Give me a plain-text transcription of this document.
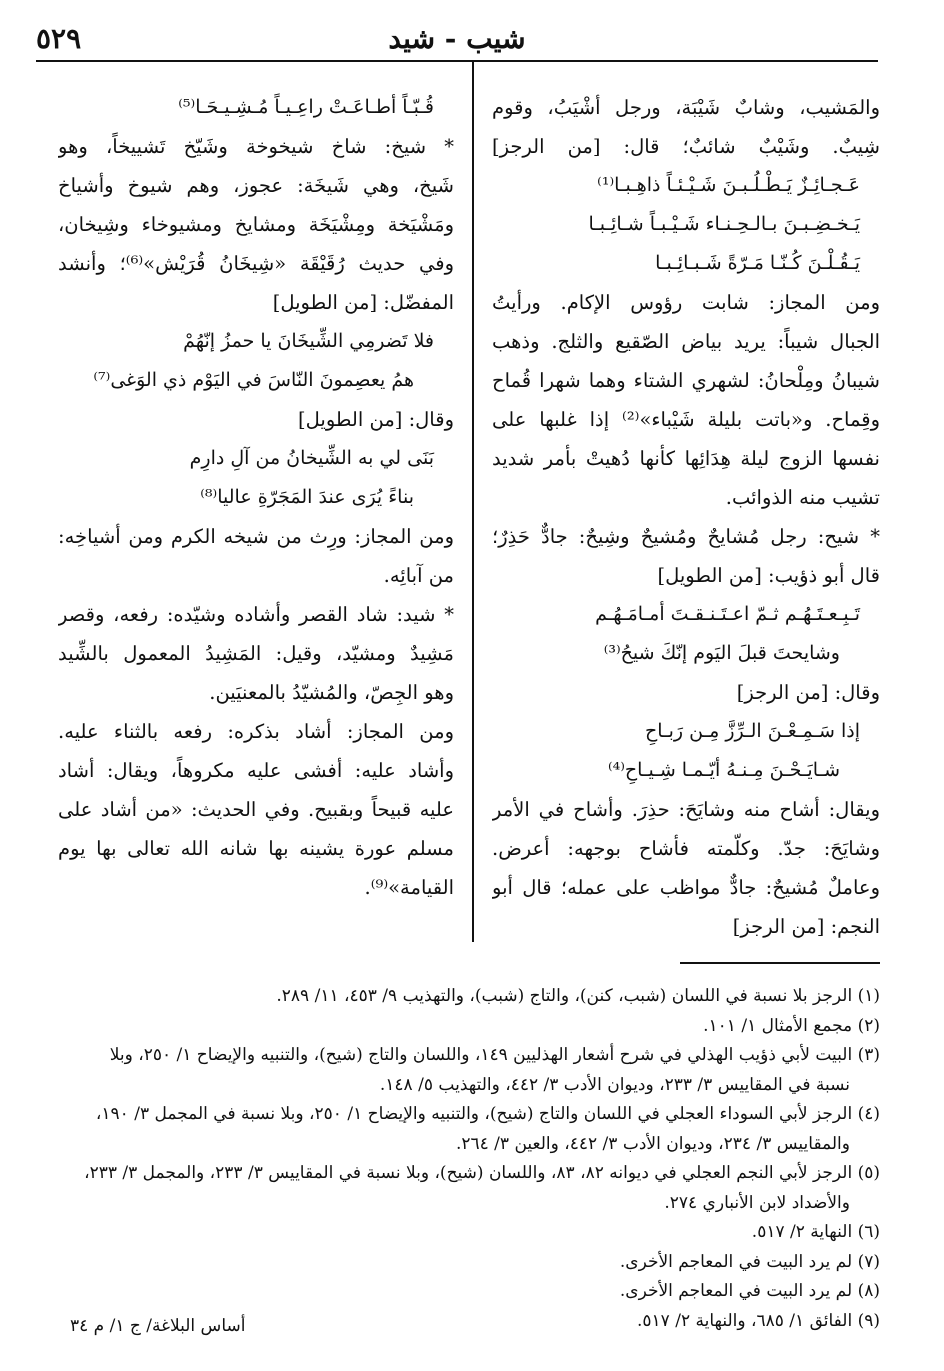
٥٢٩	شيب - شيد
والمَشيب، وشابٌ شَيْبَة، ورجل أشْيَبُ، وقوم
شِيبٌ. وشَيْبٌ شائبٌ؛ قال: [من الرجز]
عَـجـائِـزٌ يَـطْـلُـبـنَ شَـيْـئـاً ذاهِـبـا⁽¹⁾
يَـخـضِـبـنَ بـالـحِـنـاء شَـيْـبـاً شـائِـبـا
يَـقُـلْـنَ كُـنّـا مَـرّةً شَـبـائِـبـا
ومن المجاز: شابت رؤوس الإكام. ورأيتُ
الجبال شيباً: يريد بياض الصّقيع والثلج. وذهب
شيبانُ ومِلْحانُ: لشهري الشتاء وهما شهرا قُماح
وقِماح. و«باتت بليلة شَيْباء»⁽²⁾ إذا غلبها على
نفسها الزوج ليلة هِدَائِها كأنها دُهيتْ بأمر شديد
تشيب منه الذوائب.
* شيح: رجل مُشايحٌ ومُشيحٌ وشِيحٌ: جادٌّ حَذِرٌ؛
قال أبو ذؤيب: [من الطويل]
تَـبِـعـتَـهُـم ثـمّ اعـتَـنـقـتَ أمـامَـهُـم
وشايحتَ قبلَ اليَوم إنّكَ شيحُ⁽³⁾
وقال: [من الرجز]
إذا سَـمِـعْـنَ الـرِّزَّ مِـن رَبـاحِ
شـايَـحْـنَ مِـنـهُ أيّـمـا شِـيـاحِ⁽⁴⁾
ويقال: أشاح منه وشايَحَ: حذِرَ. وأشاح في الأمر
وشايَحَ: جدّ. وكلّمته فأشاح بوجهه: أعرض.
وعاملٌ مُشيحٌ: جادٌّ مواظب على عمله؛ قال أبو
النجم: [من الرجز]
قُـبّـاً أطـاعَـتْ راعِـيـاً مُـشِـيـحَـا⁽⁵⁾
* شيخ: شاخ شيخوخة وشَيّخ تَشييخاً، وهو
شَيخ، وهي شَيخَة: عجوز، وهم شيوخ وأشياخ
ومَشْيَخة ومِشْيَخَة ومشايخ ومشيوخاء وشِيخان،
وفي حديث رُقَيْقَة «شِيخَانُ قُرَيْش»⁽⁶⁾؛ وأنشد
المفضّل: [من الطويل]
فلا تَضرمِي الشِّيخَانَ يا حمزُ إنّهُمْ
همُ يعصِمونَ النّاسَ في اليَوْم ذي الوَغى⁽⁷⁾
وقال: [من الطويل]
بَنَى لي به الشِّيخانُ من آلِ دارِم
بناءً يُرَى عندَ المَجَرّةِ عاليا⁽⁸⁾
ومن المجاز: ورِث من شيخه الكرم ومن أشياخِه:
من آبائِه.
* شيد: شاد القصر وأشاده وشيّده: رفعه، وقصر
مَشِيدٌ ومشيّد، وقيل: المَشِيدُ المعمول بالشِّيد
وهو الجِصّ، والمُشيّدُ بالمعنيَين.
ومن المجاز: أشاد بذكره: رفعه بالثناء عليه.
وأشاد عليه: أفشى عليه مكروهاً، ويقال: أشاد
عليه قبيحاً وبقبيح. وفي الحديث: «من أشاد على
مسلم عورة يشينه بها شانه الله تعالى بها يوم
القيامة»⁽⁹⁾.
(١) الرجز بلا نسبة في اللسان (شبب، كنن)، والتاج (شبب)، والتهذيب ٩/ ٤٥٣، ١١/ ٢٨٩.
(٢) مجمع الأمثال ١/ ١٠١.
(٣) البيت لأبي ذؤيب الهذلي في شرح أشعار الهذليين ١٤٩، واللسان والتاج (شيح)، والتنبيه والإيضاح ١/ ٢٥٠، وبلا
نسبة في المقاييس ٣/ ٢٣٣، وديوان الأدب ٣/ ٤٤٢، والتهذيب ٥/ ١٤٨.
(٤) الرجز لأبي السوداء العجلي في اللسان والتاج (شيح)، والتنبيه والإيضاح ١/ ٢٥٠، وبلا نسبة في المجمل ٣/ ١٩٠،
والمقاييس ٣/ ٢٣٤، وديوان الأدب ٣/ ٤٤٢، والعين ٣/ ٢٦٤.
(٥) الرجز لأبي النجم العجلي في ديوانه ٨٢، ٨٣، واللسان (شيح)، وبلا نسبة في المقاييس ٣/ ٢٣٣، والمجمل ٣/ ٢٣٣،
والأضداد لابن الأنباري ٢٧٤.
(٦) النهاية ٢/ ٥١٧.
(٧) لم يرد البيت في المعاجم الأخرى.
(٨) لم يرد البيت في المعاجم الأخرى.
(٩) الفائق ١/ ٦٨٥، والنهاية ٢/ ٥١٧.
أساس البلاغة/ ج ١/ م ٣٤
